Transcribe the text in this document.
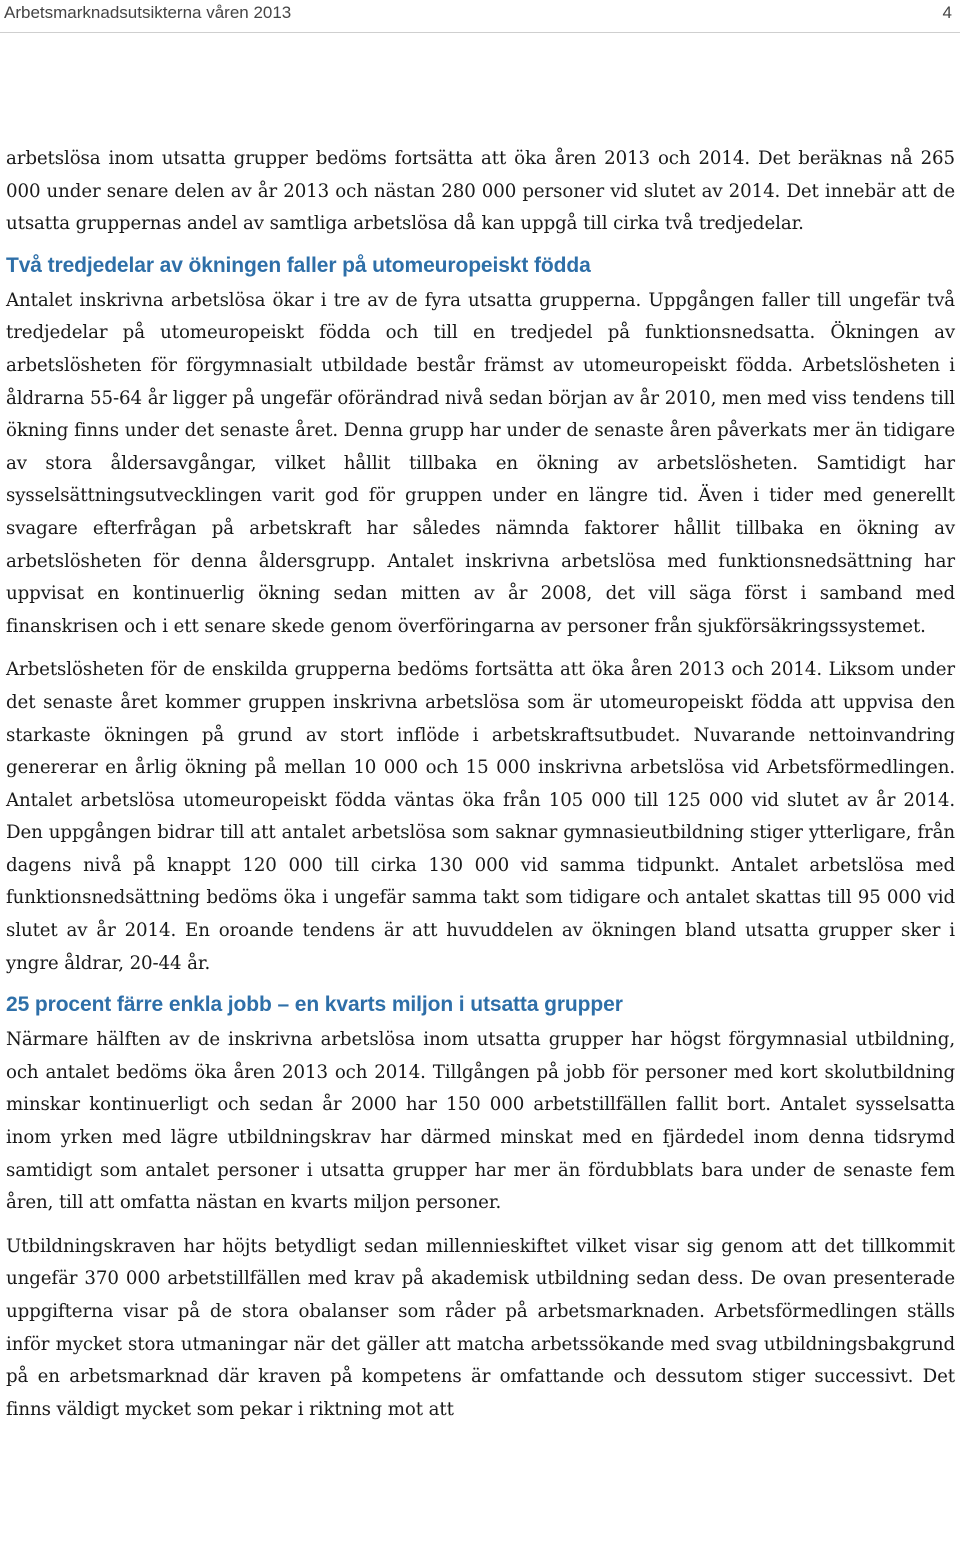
Arbetsmarknadsutsikterna våren 2013	4

arbetslösa inom utsatta grupper bedöms fortsätta att öka åren 2013 och 2014. Det beräknas nå 265 000 under senare delen av år 2013 och nästan 280 000 personer vid slutet av 2014. Det innebär att de utsatta gruppernas andel av samtliga arbetslösa då kan uppgå till cirka två tredjedelar.

Två tredjedelar av ökningen faller på utomeuropeiskt födda

Antalet inskrivna arbetslösa ökar i tre av de fyra utsatta grupperna. Uppgången faller till ungefär två tredjedelar på utomeuropeiskt födda och till en tredjedel på funktionsnedsatta. Ökningen av arbetslösheten för förgymnasialt utbildade består främst av utomeuropeiskt födda. Arbetslösheten i åldrarna 55-64 år ligger på ungefär oförändrad nivå sedan början av år 2010, men med viss tendens till ökning finns under det senaste året. Denna grupp har under de senaste åren påverkats mer än tidigare av stora åldersavgångar, vilket hållit tillbaka en ökning av arbetslösheten. Samtidigt har sysselsättningsutvecklingen varit god för gruppen under en längre tid. Även i tider med generellt svagare efterfrågan på arbetskraft har således nämnda faktorer hållit tillbaka en ökning av arbetslösheten för denna åldersgrupp. Antalet inskrivna arbetslösa med funktionsnedsättning har uppvisat en kontinuerlig ökning sedan mitten av år 2008, det vill säga först i samband med finanskrisen och i ett senare skede genom överföringarna av personer från sjukförsäkringssystemet.

Arbetslösheten för de enskilda grupperna bedöms fortsätta att öka åren 2013 och 2014. Liksom under det senaste året kommer gruppen inskrivna arbetslösa som är utomeuropeiskt födda att uppvisa den starkaste ökningen på grund av stort inflöde i arbetskraftsutbudet. Nuvarande nettoinvandring genererar en årlig ökning på mellan 10 000 och 15 000 inskrivna arbetslösa vid Arbetsförmedlingen. Antalet arbetslösa utomeuropeiskt födda väntas öka från 105 000 till 125 000 vid slutet av år 2014. Den uppgången bidrar till att antalet arbetslösa som saknar gymnasieutbildning stiger ytterligare, från dagens nivå på knappt 120 000 till cirka 130 000 vid samma tidpunkt. Antalet arbetslösa med funktionsnedsättning bedöms öka i ungefär samma takt som tidigare och antalet skattas till 95 000 vid slutet av år 2014. En oroande tendens är att huvuddelen av ökningen bland utsatta grupper sker i yngre åldrar, 20-44 år.

25 procent färre enkla jobb – en kvarts miljon i utsatta grupper

Närmare hälften av de inskrivna arbetslösa inom utsatta grupper har högst förgymnasial utbildning, och antalet bedöms öka åren 2013 och 2014. Tillgången på jobb för personer med kort skolutbildning minskar kontinuerligt och sedan år 2000 har 150 000 arbetstillfällen fallit bort. Antalet sysselsatta inom yrken med lägre utbildningskrav har därmed minskat med en fjärdedel inom denna tidsrymd samtidigt som antalet personer i utsatta grupper har mer än fördubblats bara under de senaste fem åren, till att omfatta nästan en kvarts miljon personer.

Utbildningskraven har höjts betydligt sedan millennieskiftet vilket visar sig genom att det tillkommit ungefär 370 000 arbetstillfällen med krav på akademisk utbildning sedan dess. De ovan presenterade uppgifterna visar på de stora obalanser som råder på arbetsmarknaden. Arbetsförmedlingen ställs inför mycket stora utmaningar när det gäller att matcha arbetssökande med svag utbildningsbakgrund på en arbetsmarknad där kraven på kompetens är omfattande och dessutom stiger successivt. Det finns väldigt mycket som pekar i riktning mot att
